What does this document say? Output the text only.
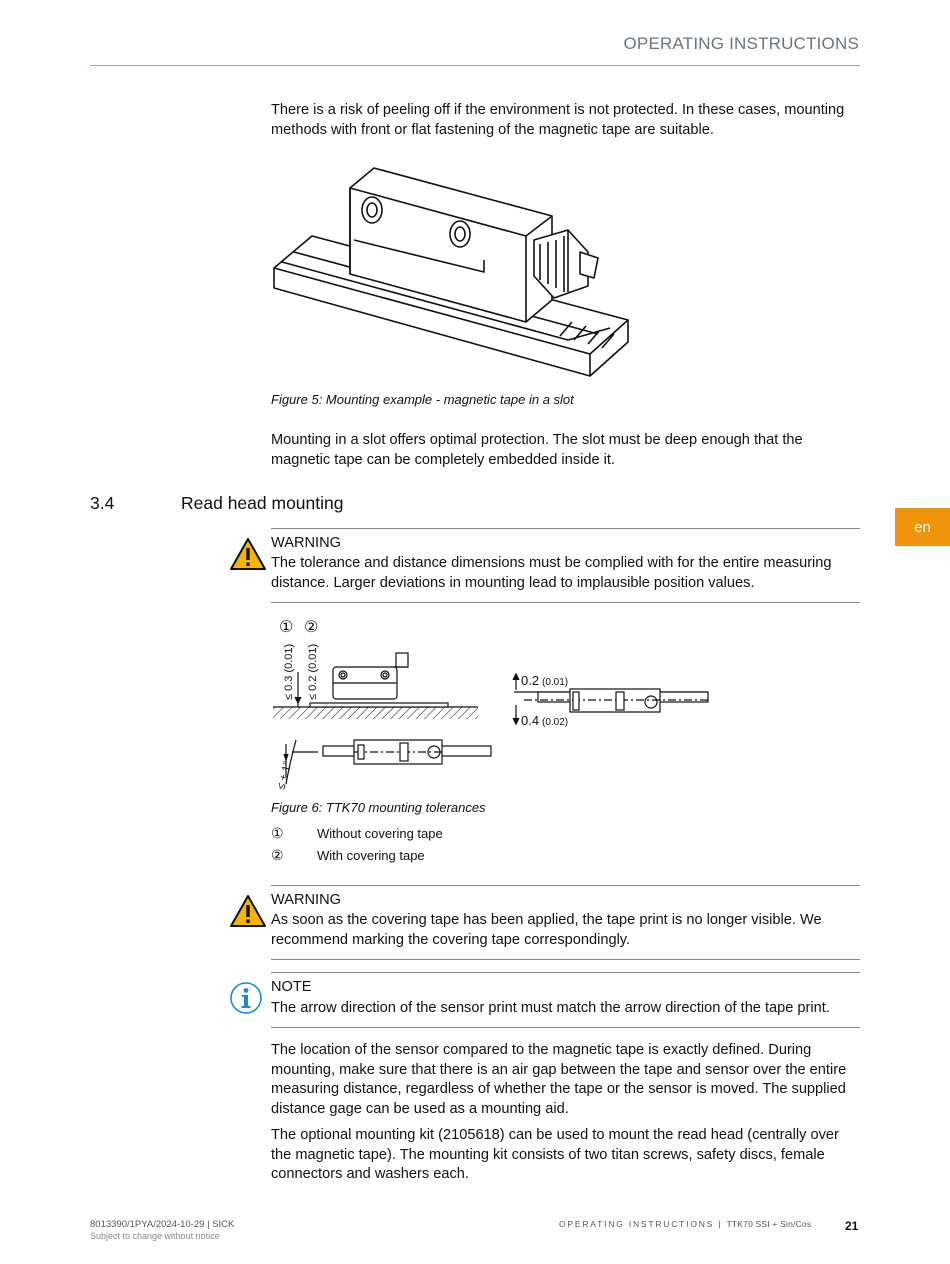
OPERATING INSTRUCTIONS
There is a risk of peeling off if the environment is not protected. In these cases, mounting methods with front or flat fastening of the magnetic tape are suitable.
Figure 5: Mounting example - magnetic tape in a slot
Mounting in a slot offers optimal protection. The slot must be deep enough that the magnetic tape can be completely embedded inside it.
3.4	Read head mounting
en
WARNING
The tolerance and distance dimensions must be complied with for the entire measuring distance. Larger deviations in mounting lead to implausible position values.
① ②
≤ 0.3 (0.01) ≤ 0.2 (0.01)
≤ ± 1°
0.2 (0.01)
0.4 (0.02)
Figure 6: TTK70 mounting tolerances
①	Without covering tape
②	With covering tape
WARNING
As soon as the covering tape has been applied, the tape print is no longer visible. We recommend marking the covering tape correspondingly.
NOTE
The arrow direction of the sensor print must match the arrow direction of the tape print.
The location of the sensor compared to the magnetic tape is exactly defined. During mounting, make sure that there is an air gap between the tape and sensor over the entire measuring distance, regardless of whether the tape or the sensor is moved. The supplied distance gage can be used as a mounting aid.
The optional mounting kit (2105618) can be used to mount the read head (centrally over the magnetic tape). The mounting kit consists of two titan screws, safety discs, female connectors and washers each.
8013390/1PYA/2024-10-29 | SICK
Subject to change without notice
OPERATING INSTRUCTIONS | TTK70 SSI + Sin/Cos	21
